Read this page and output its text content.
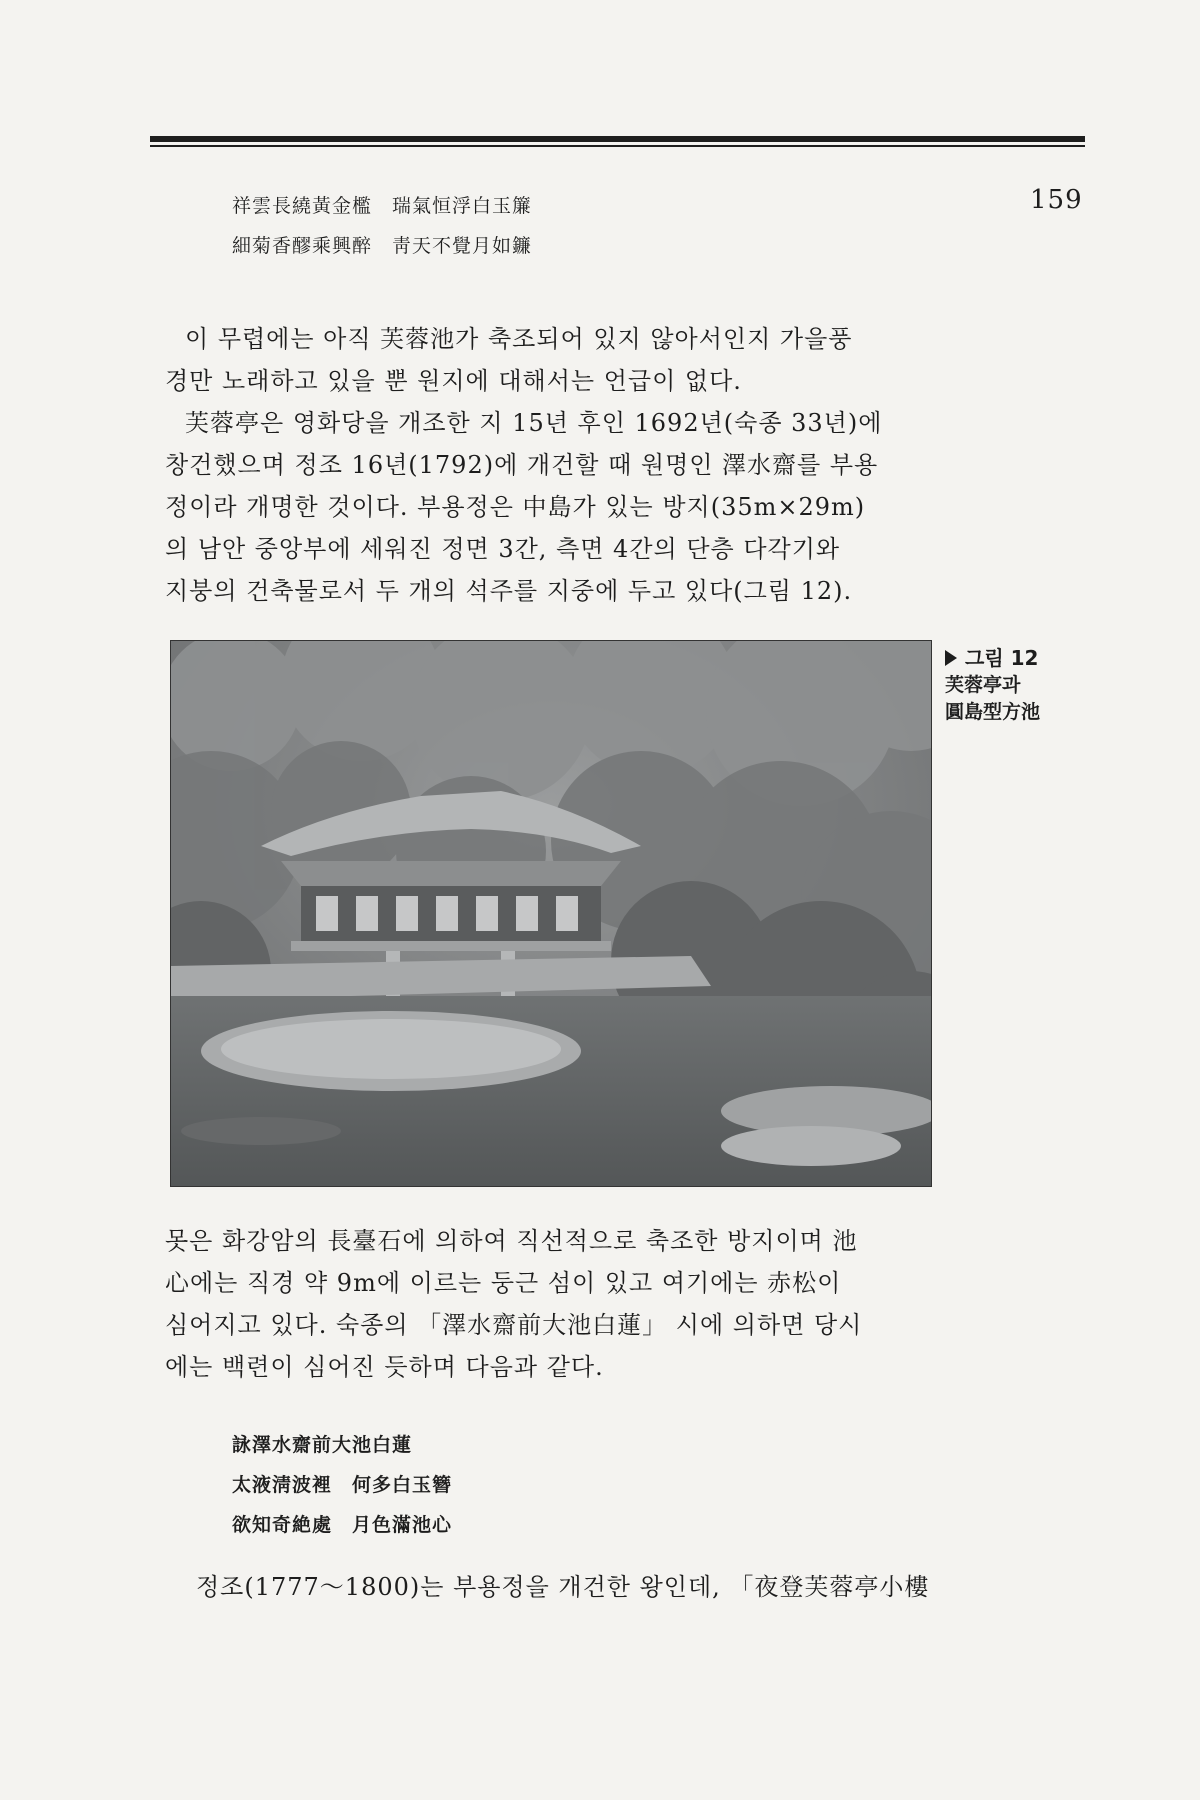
159
祥雲長繞黃金檻　瑞氣恒浮白玉簾
細菊香醪乘興醉　靑天不覺月如鐮
이 무렵에는 아직 芙蓉池가 축조되어 있지 않아서인지 가을풍
경만 노래하고 있을 뿐 원지에 대해서는 언급이 없다.
芙蓉亭은 영화당을 개조한 지 15년 후인 1692년(숙종 33년)에
창건했으며 정조 16년(1792)에 개건할 때 원명인 澤水齋를 부용
정이라 개명한 것이다. 부용정은 中島가 있는 방지(35m×29m)
의 남안 중앙부에 세워진 정면 3간, 측면 4간의 단층 다각기와
지붕의 건축물로서 두 개의 석주를 지중에 두고 있다(그림 12).
그림 12
芙蓉亭과
圓島型方池
못은 화강암의 長臺石에 의하여 직선적으로 축조한 방지이며 池
心에는 직경 약 9m에 이르는 둥근 섬이 있고 여기에는 赤松이
심어지고 있다. 숙종의 「澤水齋前大池白蓮」 시에 의하면 당시
에는 백련이 심어진 듯하며 다음과 같다.
詠澤水齋前大池白蓮
太液淸波裡　何多白玉簪
欲知奇絶處　月色滿池心
정조(1777～1800)는 부용정을 개건한 왕인데, 「夜登芙蓉亭小樓
